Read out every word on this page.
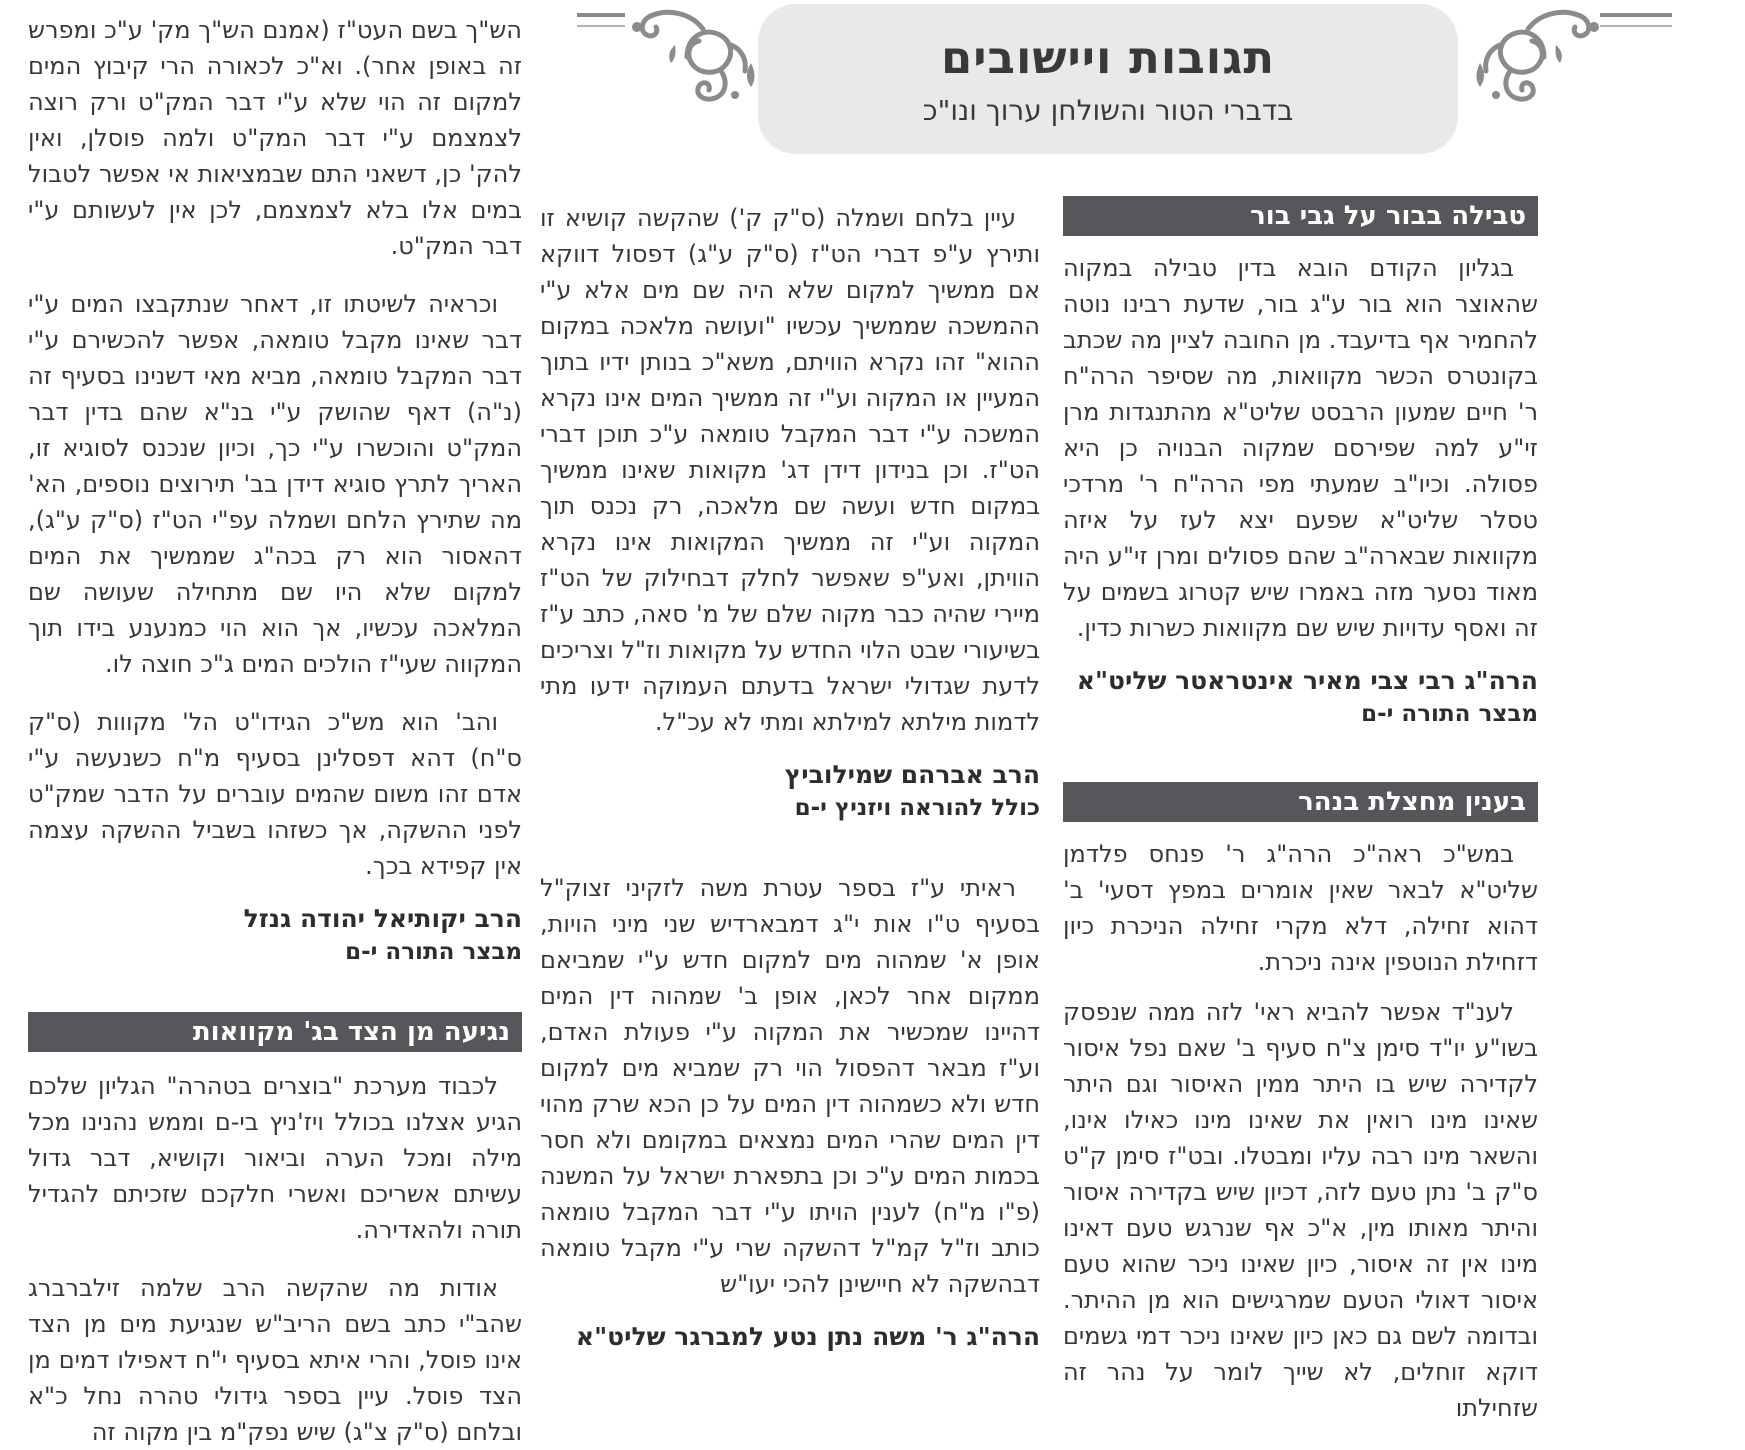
תגובות ויישובים
בדברי הטור והשולחן ערוך ונו"כ
טבילה בבור על גבי בור

בגליון הקודם הובא בדין טבילה במקוה שהאוצר הוא בור ע"ג בור, שדעת רבינו נוטה להחמיר אף בדיעבד. מן החובה לציין מה שכתב בקונטרס הכשר מקוואות, מה שסיפר הרה"ח ר' חיים שמעון הרבסט שליט"א מהתנגדות מרן זי"ע למה שפירסם שמקוה הבנויה כן היא פסולה. וכיו"ב שמעתי מפי הרה"ח ר' מרדכי טסלר שליט"א שפעם יצא לעז על איזה מקוואות שבארה"ב שהם פסולים ומרן זי"ע היה מאוד נסער מזה באמרו שיש קטרוג בשמים על זה ואסף עדויות שיש שם מקוואות כשרות כדין.

הרה"ג רבי צבי מאיר אינטראטר שליט"א
מבצר התורה י-ם
בענין מחצלת בנהר

במש"כ ראה"כ הרה"ג ר' פנחס פלדמן שליט"א לבאר שאין אומרים במפץ דסעי' ב' דהוא זחילה, דלא מקרי זחילה הניכרת כיון דזחילת הנוטפין אינה ניכרת.

לענ"ד אפשר להביא ראי' לזה ממה שנפסק בשו"ע יו"ד סימן צ"ח סעיף ב' שאם נפל איסור לקדירה שיש בו היתר ממין האיסור וגם היתר שאינו מינו רואין את שאינו מינו כאילו אינו, והשאר מינו רבה עליו ומבטלו. ובט"ז סימן ק"ט ס"ק ב' נתן טעם לזה, דכיון שיש בקדירה איסור והיתר מאותו מין, א"כ אף שנרגש טעם דאינו מינו אין זה איסור, כיון שאינו ניכר שהוא טעם איסור דאולי הטעם שמרגישים הוא מן ההיתר. ובדומה לשם גם כאן כיון שאינו ניכר דמי גשמים דוקא זוחלים, לא שייך לומר על נהר זה שזחילתו

עיין בלחם ושמלה (ס"ק ק') שהקשה קושיא זו ותירץ ע"פ דברי הט"ז (ס"ק ע"ג) דפסול דווקא אם ממשיך למקום שלא היה שם מים אלא ע"י ההמשכה שממשיך עכשיו "ועושה מלאכה במקום ההוא" זהו נקרא הוויתם, משא"כ בנותן ידיו בתוך המעיין או המקוה וע"י זה ממשיך המים אינו נקרא המשכה ע"י דבר המקבל טומאה ע"כ תוכן דברי הט"ז. וכן בנידון דידן דג' מקואות שאינו ממשיך במקום חדש ועשה שם מלאכה, רק נכנס תוך המקוה וע"י זה ממשיך המקואות אינו נקרא הוויתן, ואע"פ שאפשר לחלק דבחילוק של הט"ז מיירי שהיה כבר מקוה שלם של מ' סאה, כתב ע"ז בשיעורי שבט הלוי החדש על מקואות וז"ל וצריכים לדעת שגדולי ישראל בדעתם העמוקה ידעו מתי לדמות מילתא למילתא ומתי לא עכ"ל.

הרב אברהם שמילוביץ
כולל להוראה ויזניץ י-ם

ראיתי ע"ז בספר עטרת משה לזקיני זצוק"ל בסעיף ט"ו אות י"ג דמבארדיש שני מיני הויות, אופן א' שמהוה מים למקום חדש ע"י שמביאם ממקום אחר לכאן, אופן ב' שמהוה דין המים דהיינו שמכשיר את המקוה ע"י פעולת האדם, וע"ז מבאר דהפסול הוי רק שמביא מים למקום חדש ולא כשמהוה דין המים על כן הכא שרק מהוי דין המים שהרי המים נמצאים במקומם ולא חסר בכמות המים ע"כ וכן בתפארת ישראל על המשנה (פ"ו מ"ח) לענין הויתו ע"י דבר המקבל טומאה כותב וז"ל קמ"ל דהשקה שרי ע"י מקבל טומאה דבהשקה לא חיישינן להכי יעו"ש

הרה"ג ר' משה נתן נטע למברגר שליט"א

הש"ך בשם העט"ז (אמנם הש"ך מק' ע"כ ומפרש זה באופן אחר). וא"כ לכאורה הרי קיבוץ המים למקום זה הוי שלא ע"י דבר המק"ט ורק רוצה לצמצמם ע"י דבר המק"ט ולמה פוסלן, ואין להק' כן, דשאני התם שבמציאות אי אפשר לטבול במים אלו בלא לצמצמם, לכן אין לעשותם ע"י דבר המק"ט.

וכראיה לשיטתו זו, דאחר שנתקבצו המים ע"י דבר שאינו מקבל טומאה, אפשר להכשירם ע"י דבר המקבל טומאה, מביא מאי דשנינו בסעיף זה (נ"ה) דאף שהושק ע"י בנ"א שהם בדין דבר המק"ט והוכשרו ע"י כך, וכיון שנכנס לסוגיא זו, האריך לתרץ סוגיא דידן בב' תירוצים נוספים, הא' מה שתירץ הלחם ושמלה עפ"י הט"ז (ס"ק ע"ג), דהאסור הוא רק בכה"ג שממשיך את המים למקום שלא היו שם מתחילה שעושה שם המלאכה עכשיו, אך הוא הוי כמנענע בידו תוך המקווה שעי"ז הולכים המים ג"כ חוצה לו.

והב' הוא מש"כ הגידו"ט הל' מקווות (ס"ק ס"ח) דהא דפסלינן בסעיף מ"ח כשנעשה ע"י אדם זהו משום שהמים עוברים על הדבר שמק"ט לפני ההשקה, אך כשזהו בשביל ההשקה עצמה אין קפידא בכך.

הרב יקותיאל יהודה גנזל
מבצר התורה י-ם
נגיעה מן הצד בג' מקוואות

לכבוד מערכת "בוצרים בטהרה" הגליון שלכם הגיע אצלנו בכולל ויז'ניץ בי-ם וממש נהנינו מכל מילה ומכל הערה וביאור וקושיא, דבר גדול עשיתם אשריכם ואשרי חלקכם שזכיתם להגדיל תורה ולהאדירה.

אודות מה שהקשה הרב שלמה זילברברג שהב"י כתב בשם הריב"ש שנגיעת מים מן הצד אינו פוסל, והרי איתא בסעיף י"ח דאפילו דמים מן הצד פוסל. עיין בספר גידולי טהרה נחל כ"א ובלחם (ס"ק צ"ג) שיש נפק"מ בין מקוה זה
